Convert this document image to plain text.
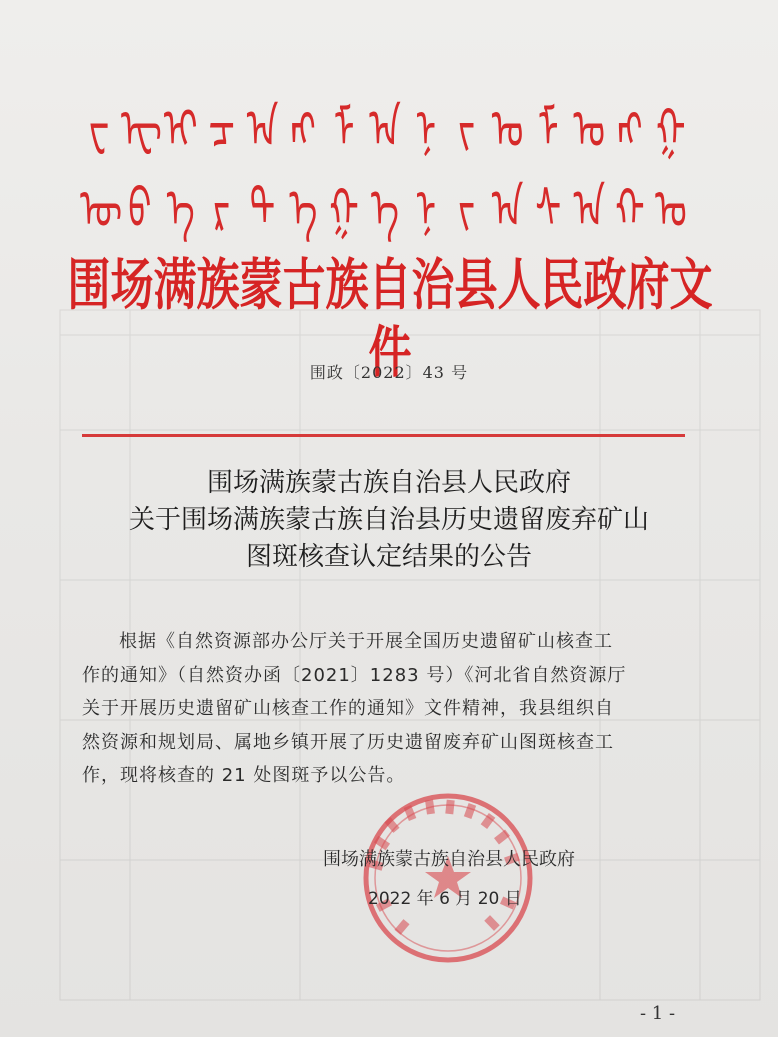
ᠸ ᠧ ᠢ ᠴ ᠠ ᠩ ᠮ ᠠ ᠨ ᠵ ᠤ ᠮ ᠣ ᠩ ᠭ
ᠥ ᠪ ᠡ ᠷ ᠲ ᠡ ᠭ ᠡ ᠨ ᠵ ᠠ ᠰ ᠠ ᠬ ᠤ
围场满族蒙古族自治县人民政府文件
围政〔2022〕43 号
围场满族蒙古族自治县人民政府
关于围场满族蒙古族自治县历史遗留废弃矿山
图斑核查认定结果的公告
根据《自然资源部办公厅关于开展全国历史遗留矿山核查工
作的通知》（自然资办函〔2021〕1283 号）《河北省自然资源厅
关于开展历史遗留矿山核查工作的通知》文件精神，我县组织自
然资源和规划局、属地乡镇开展了历史遗留废弃矿山图斑核查工
作，现将核查的 21 处图斑予以公告。
围场满族蒙古族自治县人民政府
2022 年 6 月 20 日
- 1 -
